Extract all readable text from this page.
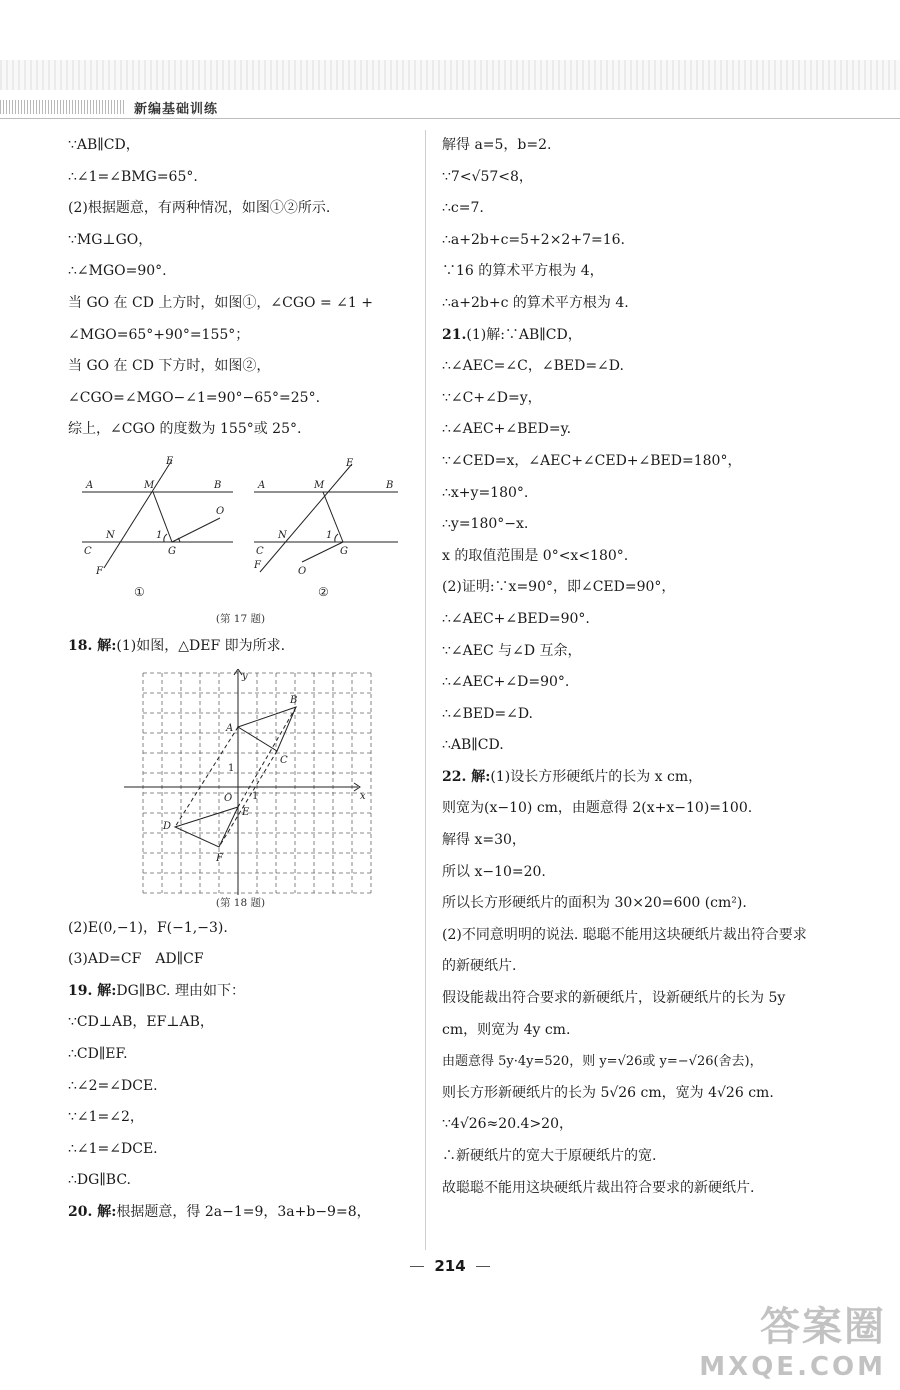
新编基础训练

∵AB∥CD，

∴∠1=∠BMG=65°.

(2)根据题意，有两种情况，如图①②所示.

∵MG⊥GO，

∴∠MGO=90°.

当 GO 在 CD 上方时，如图①，∠CGO = ∠1 + ∠MGO=65°+90°=155°；

当 GO 在 CD 下方时，如图②，∠CGO=∠MGO−∠1=90°−65°=25°.

综上，∠CGO 的度数为 155°或 25°.

A	B
C
E
F
G
M
N
O
1
A	B
C
E
F
G
M
N
O
1
①	②
(第 17 题)

18. 解:(1)如图，△DEF 即为所求.

x
y
O 1
1
A
B
C
D
E
F
(第 18 题)

(2)E(0,−1)，F(−1,−3).

(3)AD=CF　AD∥CF

19. 解:DG∥BC. 理由如下：

∵CD⊥AB，EF⊥AB，

∴CD∥EF.

∴∠2=∠DCE.

∵∠1=∠2，

∴∠1=∠DCE.

∴DG∥BC.

20. 解:根据题意，得 2a−1=9，3a+b−9=8，

解得 a=5，b=2.

∵7<√57<8，

∴c=7.

∴a+2b+c=5+2×2+7=16.

∵16 的算术平方根为 4，

∴a+2b+c 的算术平方根为 4.

21.(1)解:∵AB∥CD，

∴∠AEC=∠C，∠BED=∠D.

∵∠C+∠D=y，

∴∠AEC+∠BED=y.

∵∠CED=x，∠AEC+∠CED+∠BED=180°，

∴x+y=180°.

∴y=180°−x.

x 的取值范围是 0°<x<180°.

(2)证明:∵x=90°，即∠CED=90°，

∴∠AEC+∠BED=90°.

∵∠AEC 与∠D 互余，

∴∠AEC+∠D=90°.

∴∠BED=∠D.

∴AB∥CD.

22. 解:(1)设长方形硬纸片的长为 x cm，

则宽为(x−10) cm，由题意得 2(x+x−10)=100.

解得 x=30，

所以 x−10=20.

所以长方形硬纸片的面积为 30×20=600 (cm²).

(2)不同意明明的说法. 聪聪不能用这块硬纸片裁出符合要求的新硬纸片.

假设能裁出符合要求的新硬纸片，设新硬纸片的长为 5y cm，则宽为 4y cm.

由题意得 5y·4y=520，则 y=√26或 y=−√26(舍去)，

则长方形新硬纸片的长为 5√26 cm，宽为 4√26 cm.

∵4√26≈20.4>20，

∴新硬纸片的宽大于原硬纸片的宽.

故聪聪不能用这块硬纸片裁出符合要求的新硬纸片.

214
答案圈
MXQE.COM
